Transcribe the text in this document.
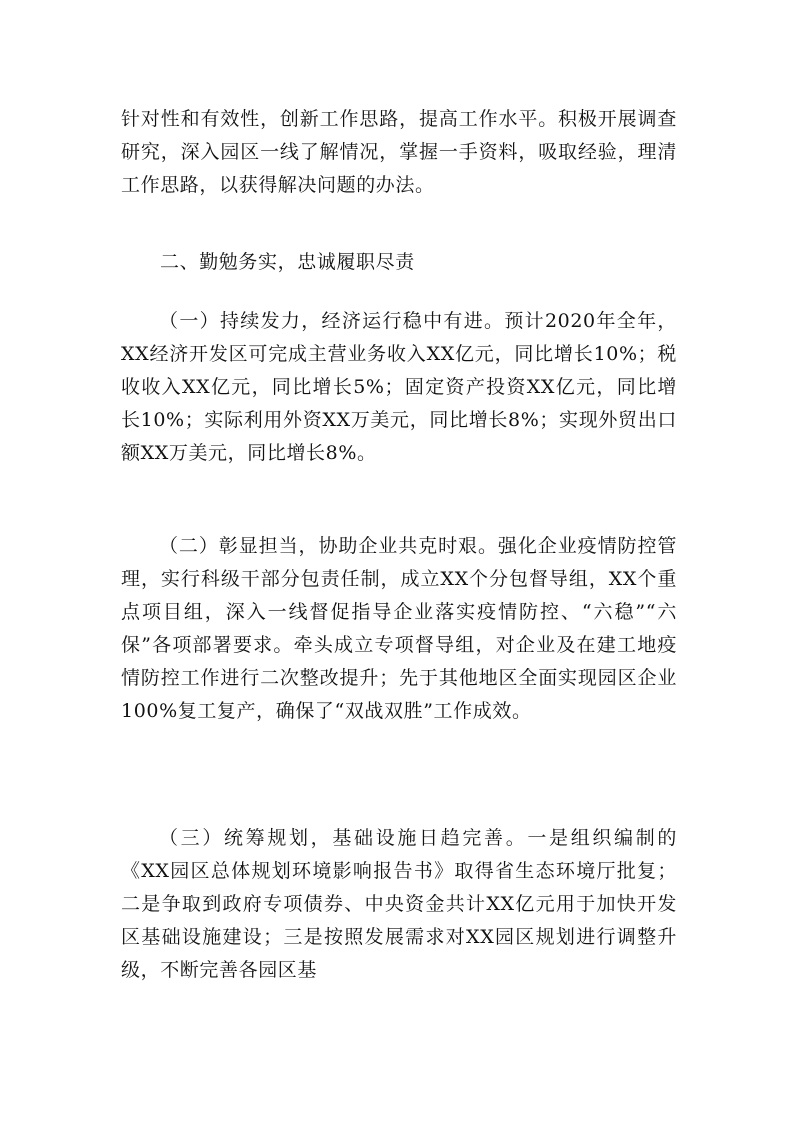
针对性和有效性，创新工作思路，提高工作水平。积极开展调查研究，深入园区一线了解情况，掌握一手资料，吸取经验，理清工作思路，以获得解决问题的办法。

二、勤勉务实，忠诚履职尽责

（一）持续发力，经济运行稳中有进。预计2020年全年，XX经济开发区可完成主营业务收入XX亿元，同比增长10%；税收收入XX亿元，同比增长5%；固定资产投资XX亿元，同比增长10%；实际利用外资XX万美元，同比增长8%；实现外贸出口额XX万美元，同比增长8%。

（二）彰显担当，协助企业共克时艰。强化企业疫情防控管理，实行科级干部分包责任制，成立XX个分包督导组，XX个重点项目组，深入一线督促指导企业落实疫情防控、“六稳”“六保”各项部署要求。牵头成立专项督导组，对企业及在建工地疫情防控工作进行二次整改提升；先于其他地区全面实现园区企业100%复工复产，确保了“双战双胜”工作成效。

（三）统筹规划，基础设施日趋完善。一是组织编制的《XX园区总体规划环境影响报告书》取得省生态环境厅批复；二是争取到政府专项债券、中央资金共计XX亿元用于加快开发区基础设施建设；三是按照发展需求对XX园区规划进行调整升级，不断完善各园区基
